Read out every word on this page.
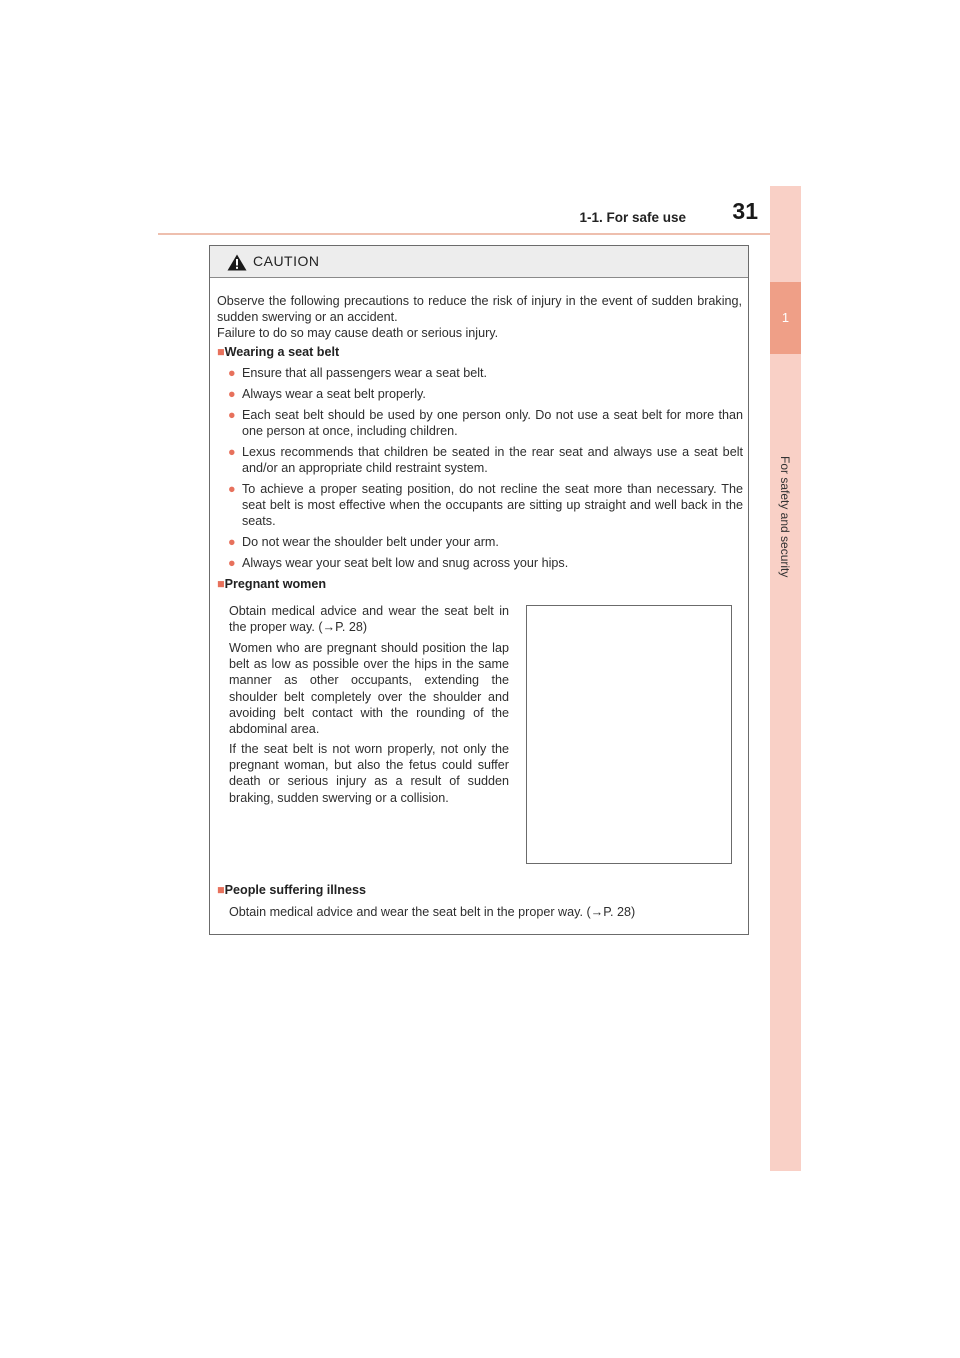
1-1. For safe use 31
1
For safety and security
CAUTION
Observe the following precautions to reduce the risk of injury in the event of sudden braking, sudden swerving or an accident.
Failure to do so may cause death or serious injury.
■Wearing a seat belt
● Ensure that all passengers wear a seat belt.
● Always wear a seat belt properly.
● Each seat belt should be used by one person only. Do not use a seat belt for more than one person at once, including children.
● Lexus recommends that children be seated in the rear seat and always use a seat belt and/or an appropriate child restraint system.
● To achieve a proper seating position, do not recline the seat more than necessary. The seat belt is most effective when the occupants are sitting up straight and well back in the seats.
● Do not wear the shoulder belt under your arm.
● Always wear your seat belt low and snug across your hips.
■Pregnant women
Obtain medical advice and wear the seat belt in the proper way. (→P. 28)
Women who are pregnant should position the lap belt as low as possible over the hips in the same manner as other occupants, extending the shoulder belt completely over the shoulder and avoiding belt contact with the rounding of the abdominal area.
If the seat belt is not worn properly, not only the pregnant woman, but also the fetus could suffer death or serious injury as a result of sudden braking, sudden swerving or a collision.
■People suffering illness
Obtain medical advice and wear the seat belt in the proper way. (→P. 28)
